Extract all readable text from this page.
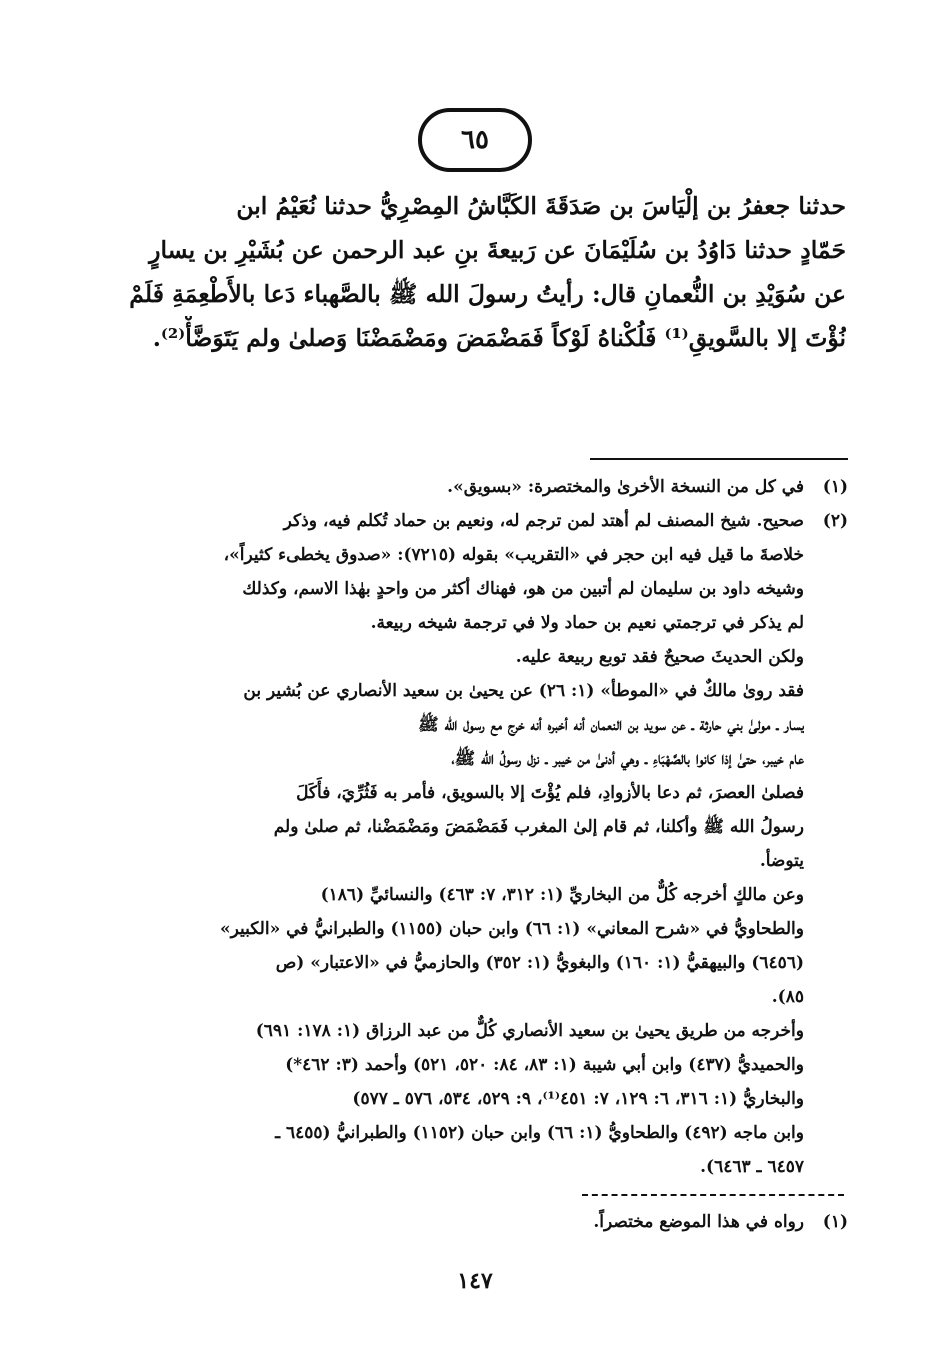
٦٥
حدثنا جعفرُ بن إلْيَاسَ بن صَدَقَةَ الكَبَّاشُ المِصْرِيُّ حدثنا نُعَيْمُ ابن
حَمّادٍ حدثنا دَاوُدُ بن سُلَيْمَانَ عن رَبيعةَ بنِ عبد الرحمن عن بُشَيْرِ بن يسارٍ
عن سُوَيْدِ بن النُّعمانِ قال: رأيتُ رسولَ الله ﷺ بالصَّهباء دَعا بالأَطْعِمَةِ فَلَمْ
نُؤْتَ إلا بالسَّويقِ⁽¹⁾ فَلُكْناهُ لَوْكاً فَمَضْمَضَ ومَضْمَضْنَا وَصلىٰ ولم يَتَوَضَّأْ⁽²⁾.
(١)
في كل من النسخة الأخرىٰ والمختصرة: «بسويق».
(٢)
صحيح. شيخ المصنف لم أهتد لمن ترجم له، ونعيم بن حماد تُكلم فيه، وذكر
خلاصةَ ما قيل فيه ابن حجر في «التقريب» بقوله (٧٢١٥): «صدوق يخطىء كثيراً»،
وشيخه داود بن سليمان لم أتبين من هو، فهناك أكثر من واحدٍ بهٰذا الاسم، وكذلك
لم يذكر في ترجمتي نعيم بن حماد ولا في ترجمة شيخه ربيعة.
ولكن الحديثَ صحيحٌ فقد توبع ربيعة عليه.
فقد روىٰ مالكٌ في «الموطأ» (١: ٢٦) عن يحيىٰ بن سعيد الأنصاري عن بُشير بن
يسار ـ مولىٰ بني حارثة ـ عن سويد بن النعمان أنه أخبره أنه خرج مع رسول الله ﷺ
عام خيبر، حتىٰ إذا كانوا بالصَّهْبَاءِ ـ وهي أدنىٰ من خيبر ـ نزل رسولُ الله ﷺ،
فصلىٰ العصرَ، ثم دعا بالأزوادِ، فلم يُؤْتَ إلا بالسويق، فأمر به فَثُرِّيَ، فأَكَلَ
رسولُ الله ﷺ وأكلنا، ثم قام إلىٰ المغرب فَمَضْمَضَ ومَضْمَضْنا، ثم صلىٰ ولم
يتوضأ.
وعن مالكٍ أخرجه كُلٌّ من البخاريِّ (١: ٣١٢، ٧: ٤٦٣) والنسائيِّ (١٨٦)
والطحاويُّ في «شرح المعاني» (١: ٦٦) وابن حبان (١١٥٥) والطبرانيُّ في «الكبير»
(٦٤٥٦) والبيهقيُّ (١: ١٦٠) والبغويُّ (١: ٣٥٢) والحازميُّ في «الاعتبار» (ص
٨٥).
وأخرجه من طريق يحيىٰ بن سعيد الأنصاري كُلٌّ من عبد الرزاق (١: ١٧٨: ٦٩١)
والحميديُّ (٤٣٧) وابن أبي شيبة (١: ٨٣، ٨٤: ٥٢٠، ٥٢١) وأحمد (٣: ٤٦٢*)
والبخاريُّ (١: ٣١٦، ٦: ١٢٩، ٧: ٤٥١⁽¹⁾، ٩: ٥٢٩، ٥٣٤، ٥٧٦ ـ ٥٧٧)
وابن ماجه (٤٩٢) والطحاويُّ (١: ٦٦) وابن حبان (١١٥٢) والطبرانيُّ (٦٤٥٥ ـ
٦٤٥٧ ـ ٦٤٦٣).
(١)
رواه في هذا الموضع مختصراً.
١٤٧
